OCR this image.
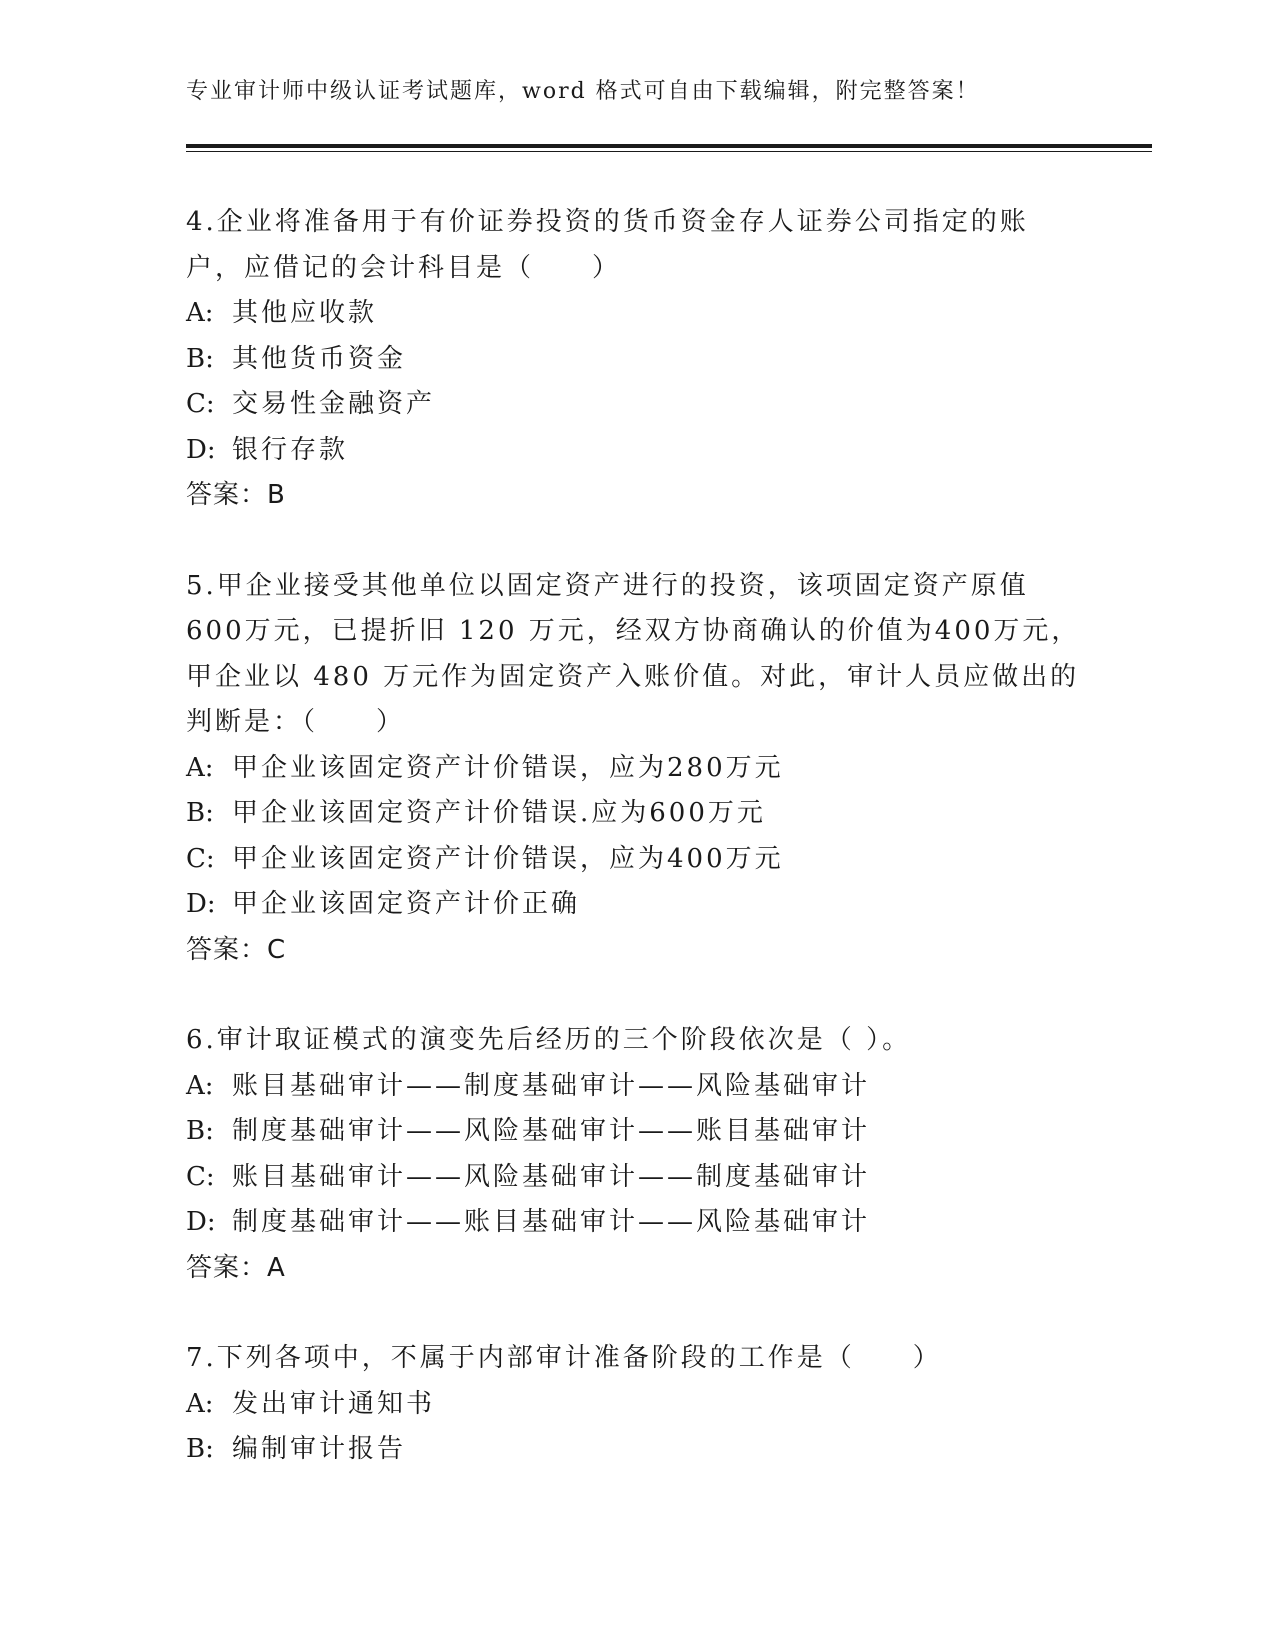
专业审计师中级认证考试题库，word 格式可自由下载编辑，附完整答案！
4.企业将准备用于有价证券投资的货币资金存人证券公司指定的账户，应借记的会计科目是（　　）
A: 其他应收款
B: 其他货币资金
C: 交易性金融资产
D: 银行存款
答案：B
5.甲企业接受其他单位以固定资产进行的投资，该项固定资产原值600万元，已提折旧 120 万元，经双方协商确认的价值为400万元，甲企业以 480 万元作为固定资产入账价值。对此，审计人员应做出的判断是：（　　）
A: 甲企业该固定资产计价错误，应为280万元
B: 甲企业该固定资产计价错误.应为600万元
C: 甲企业该固定资产计价错误，应为400万元
D: 甲企业该固定资产计价正确
答案：C
6.审计取证模式的演变先后经历的三个阶段依次是（ ）。
A: 账目基础审计——制度基础审计——风险基础审计
B: 制度基础审计——风险基础审计——账目基础审计
C: 账目基础审计——风险基础审计——制度基础审计
D: 制度基础审计——账目基础审计——风险基础审计
答案：A
7.下列各项中，不属于内部审计准备阶段的工作是（　　）
A: 发出审计通知书
B: 编制审计报告
